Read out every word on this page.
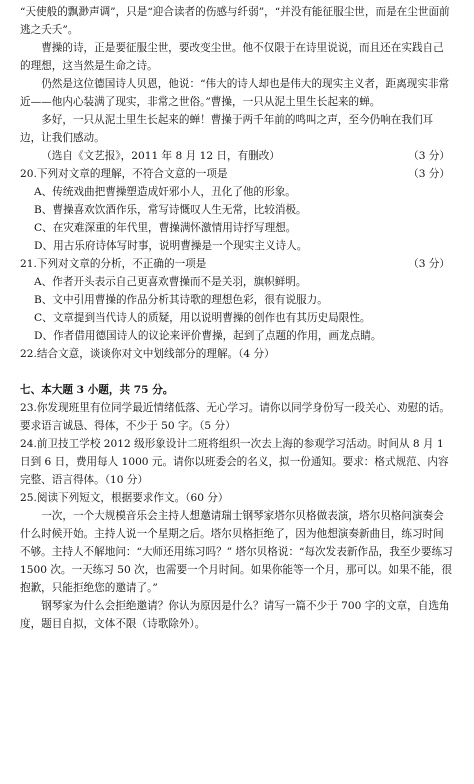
“天使般的飘渺声调”，只是“迎合读者的伤感与纤弱”，“并没有能征服尘世，而是在尘世面前逃之夭夭”。

曹操的诗，正是要征服尘世，要改变尘世。他不仅限于在诗里说说，而且还在实践自己的理想，这当然是生命之诗。

仍然是这位德国诗人贝恩，他说：“伟大的诗人却也是伟大的现实主义者，距离现实非常近——他内心装满了现实，非常之世俗。”曹操，一只从泥土里生长起来的蝉。

多好，一只从泥土里生长起来的蝉！曹操于两千年前的鸣叫之声，至今仍响在我们耳边，让我们感动。

（选自《文艺报》，2011 年 8 月 12 日，有删改）	（3 分）
20.下列对文章的理解，不符合文意的一项是	（3 分）

A、传统戏曲把曹操塑造成奸邪小人，丑化了他的形象。

B、曹操喜欢饮酒作乐，常写诗慨叹人生无常，比较消极。

C、在灾难深重的年代里，曹操满怀激情用诗抒写理想。

D、用古乐府诗体写时事，说明曹操是一个现实主义诗人。

21.下列对文章的分析，不正确的一项是	（3 分）

A、作者开头表示自己更喜欢曹操而不是关羽，旗帜鲜明。

B、文中引用曹操的作品分析其诗歌的理想色彩，很有说服力。

C、文章提到当代诗人的质疑，用以说明曹操的创作也有其历史局限性。

D、作者借用德国诗人的议论来评价曹操，起到了点题的作用，画龙点睛。

22.结合文意，谈谈你对文中划线部分的理解。（4 分）

七、本大题 3 小题，共 75 分。

23.你发现班里有位同学最近情绪低落、无心学习。请你以同学身份写一段关心、劝慰的话。要求语言诚恳、得体，不少于 50 字。（5 分）

24.前卫技工学校 2012 级形象设计二班将组织一次去上海的参观学习活动。时间从 8 月 1 日到 6 日，费用每人 1000 元。请你以班委会的名义，拟一份通知。要求：格式规范、内容完整、语言得体。（10 分）

25.阅读下列短文，根据要求作文。（60 分）

一次，一个大规模音乐会主持人想邀请瑞士钢琴家塔尔贝格做表演，塔尔贝格问演奏会什么时候开始。主持人说一个星期之后。塔尔贝格拒绝了，因为他想演奏新曲目，练习时间不够。主持人不解地问：“大师还用练习吗？” 塔尔贝格说：“每次发表新作品，我至少要练习 1500 次。一天练习 50 次，也需要一个月时间。如果你能等一个月，那可以。如果不能，很抱歉，只能拒绝您的邀请了。”

钢琴家为什么会拒绝邀请？你认为原因是什么？请写一篇不少于 700 字的文章，自选角度，题目自拟，文体不限（诗歌除外）。
